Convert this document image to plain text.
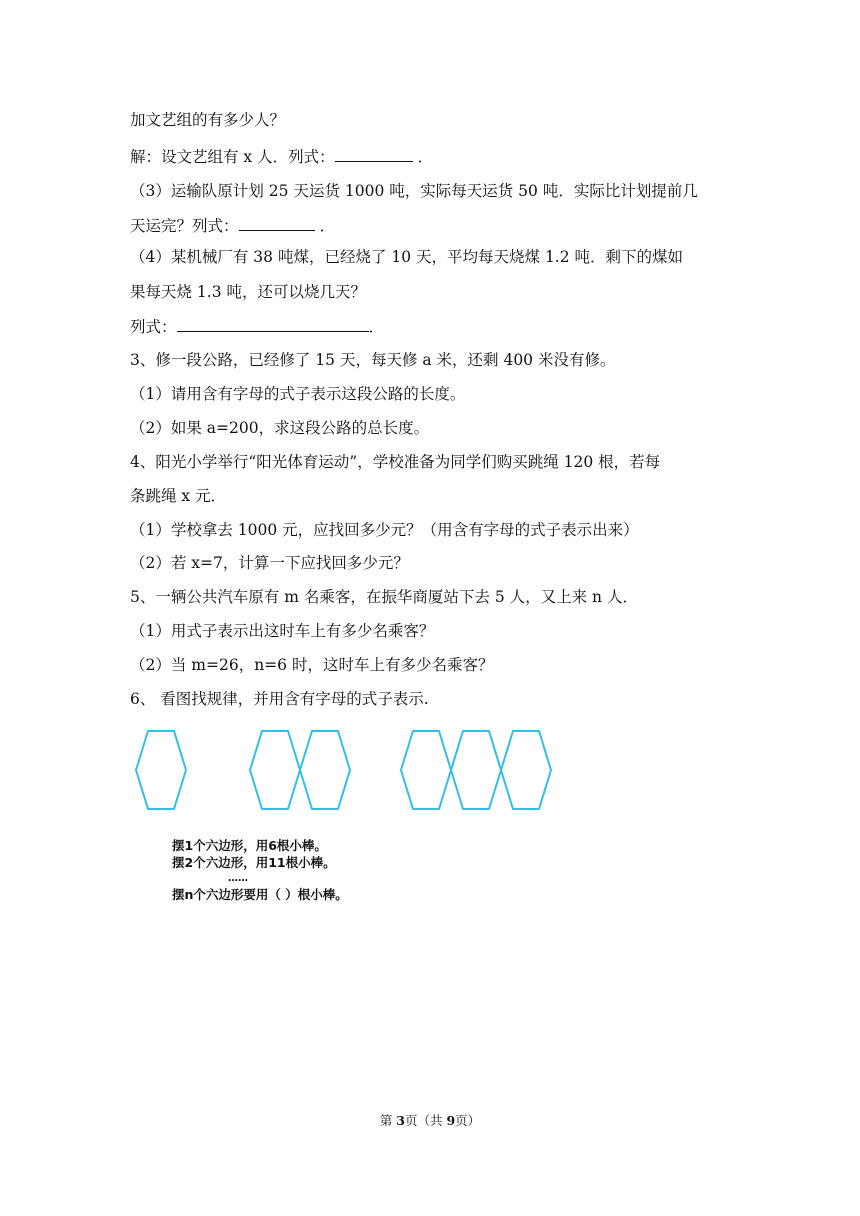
加文艺组的有多少人？
解：设文艺组有 x 人．列式：	．
（3）运输队原计划 25 天运货 1000 吨，实际每天运货 50 吨．实际比计划提前几
天运完？列式：	．
（4）某机械厂有 38 吨煤，已经烧了 10 天，平均每天烧煤 1.2 吨．剩下的煤如
果每天烧 1.3 吨，还可以烧几天？
列式：	．
3、修一段公路，已经修了 15 天，每天修 a 米，还剩 400 米没有修。
（1）请用含有字母的式子表示这段公路的长度。
（2）如果 a=200，求这段公路的总长度。
4、阳光小学举行“阳光体育运动”，学校准备为同学们购买跳绳 120 根，若每
条跳绳 x 元．
（1）学校拿去 1000 元，应找回多少元？（用含有字母的式子表示出来）
（2）若 x=7，计算一下应找回多少元？
5、一辆公共汽车原有 m 名乘客，在振华商厦站下去 5 人，又上来 n 人．
（1）用式子表示出这时车上有多少名乘客？
（2）当 m=26，n=6 时，这时车上有多少名乘客？
6、 看图找规律，并用含有字母的式子表示.
摆1个六边形，用6根小棒。
摆2个六边形，用11根小棒。
……
摆n个六边形要用（ ）根小棒。
第 3页（共 9页）
